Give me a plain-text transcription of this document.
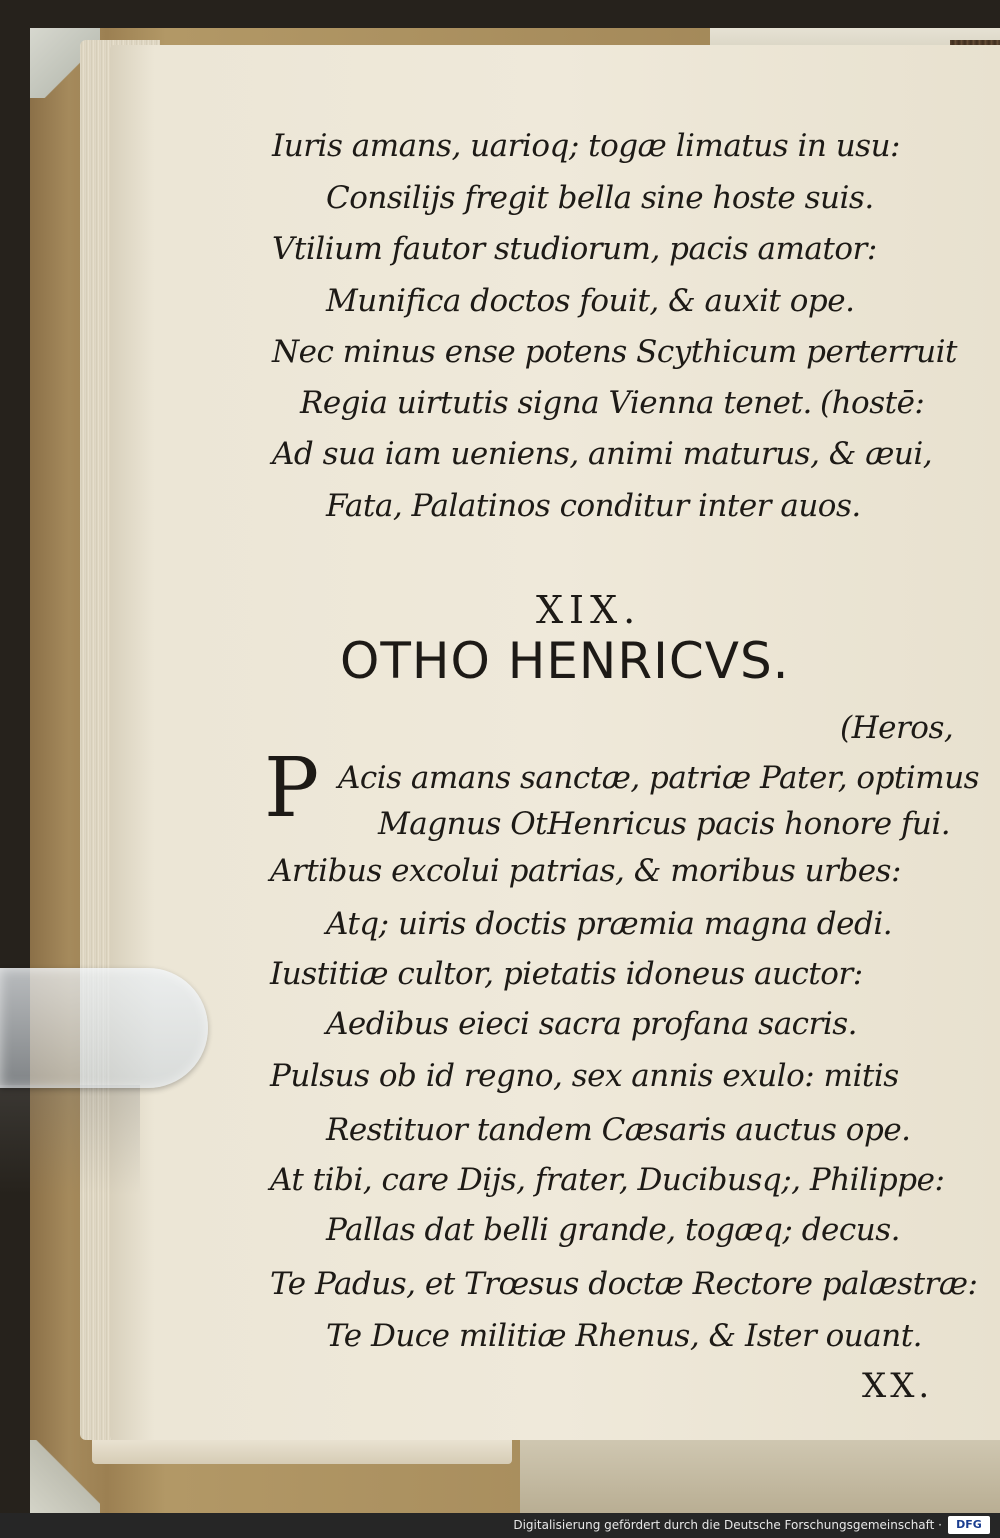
Iuris amans, uarioq; togæ limatus in usu:
Consilijs fregit bella sine hoste suis.
Vtilium fautor studiorum, pacis amator:
Munifica doctos fouit, & auxit ope.
Nec minus ense potens Scythicum perterruit
Regia uirtutis signa Vienna tenet. (hostē:
Ad sua iam ueniens, animi maturus, & æui,
Fata, Palatinos conditur inter auos.
XIX.
OTHO HENRICVS.
(Heros,
P Acis amans sanctæ, patriæ Pater, optimus
Magnus OtHenricus pacis honore fui.
Artibus excolui patrias, & moribus urbes:
Atq; uiris doctis præmia magna dedi.
Iustitiæ cultor, pietatis idoneus auctor:
Aedibus eieci sacra profana sacris.
Pulsus ob id regno, sex annis exulo: mitis
Restituor tandem Cæsaris auctus ope.
At tibi, care Dijs, frater, Ducibusq;, Philippe:
Pallas dat belli grande, togæq; decus.
Te Padus, et Trœsus doctæ Rectore palæstræ:
Te Duce militiæ Rhenus, & Ister ouant.
XX.
Digitalisierung gefördert durch die Deutsche Forschungsgemeinschaft ·	DFG
